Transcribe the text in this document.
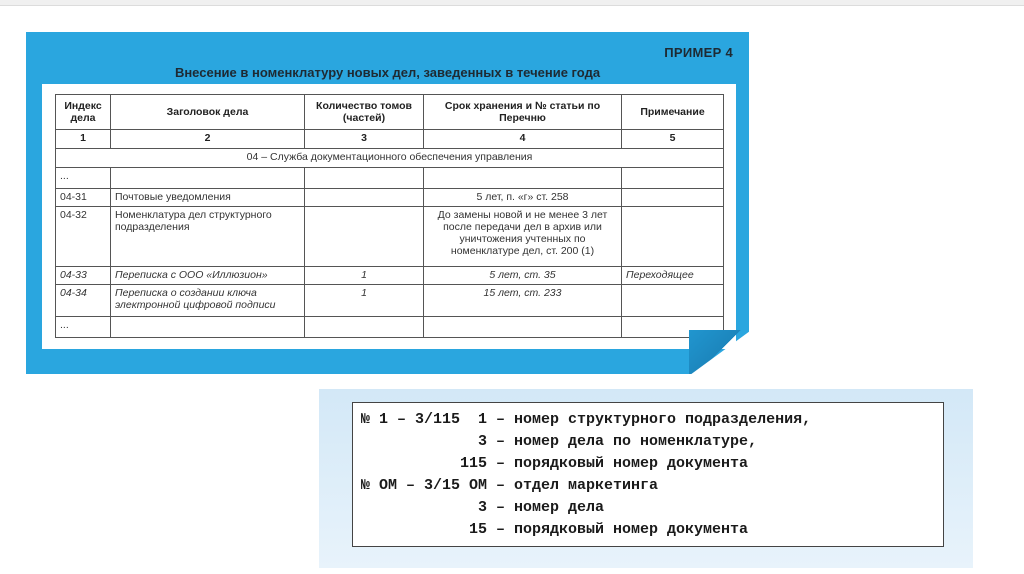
ПРИМЕР 4
Внесение в номенклатуру новых дел, заведенных в течение года
Индекс дела	Заголовок дела	Количество томов (частей)	Срок хранения и № статьи по Перечню	Примечание
1	2	3	4	5
04 – Служба документационного обеспечения управления				
...				
04-31	Почтовые уведомления		5 лет, п. «г» ст. 258	
04-32	Номенклатура дел структурного подразделения		До замены новой и не менее 3 лет после передачи дел в архив или уничтожения учтенных по номенклатуре дел, ст. 200 (1)	
04-33	Переписка с ООО «Иллюзион»	1	5 лет, ст. 35	Переходящее
04-34	Переписка о создании ключа электронной цифровой подписи	1	15 лет, ст. 233	
...				
№ 1 – 3/115  1 – номер структурного подразделения,
3 – номер дела по номенклатуре,
115 – порядковый номер документа
№ ОМ – 3/15 ОМ – отдел маркетинга
3 – номер дела
15 – порядковый номер документа
